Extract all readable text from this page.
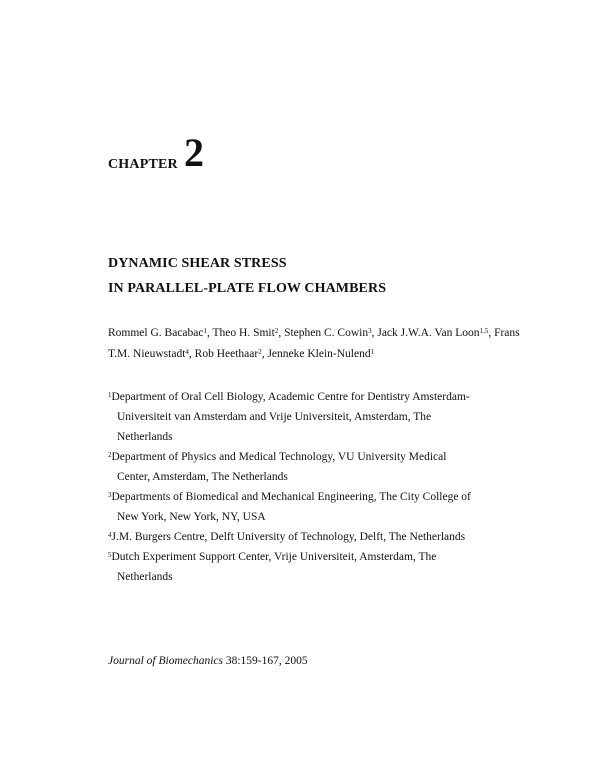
CHAPTER 2
DYNAMIC SHEAR STRESS
IN PARALLEL-PLATE FLOW CHAMBERS
Rommel G. Bacabac$^1$, Theo H. Smit$^2$, Stephen C. Cowin$^3$, Jack J.W.A. Van Loon$^{1,5}$, Frans T.M. Nieuwstadt$^4$, Rob Heethaar$^2$, Jenneke Klein-Nulend$^1$
$^1$Department of Oral Cell Biology, Academic Centre for Dentistry Amsterdam-
Universiteit van Amsterdam and Vrije Universiteit, Amsterdam, The
Netherlands
$^2$Department of Physics and Medical Technology, VU University Medical
Center, Amsterdam, The Netherlands
$^3$Departments of Biomedical and Mechanical Engineering, The City College of
New York, New York, NY, USA
$^4$J.M. Burgers Centre, Delft University of Technology, Delft, The Netherlands
$^5$Dutch Experiment Support Center, Vrije Universiteit, Amsterdam, The
Netherlands
Journal of Biomechanics 38:159-167, 2005
